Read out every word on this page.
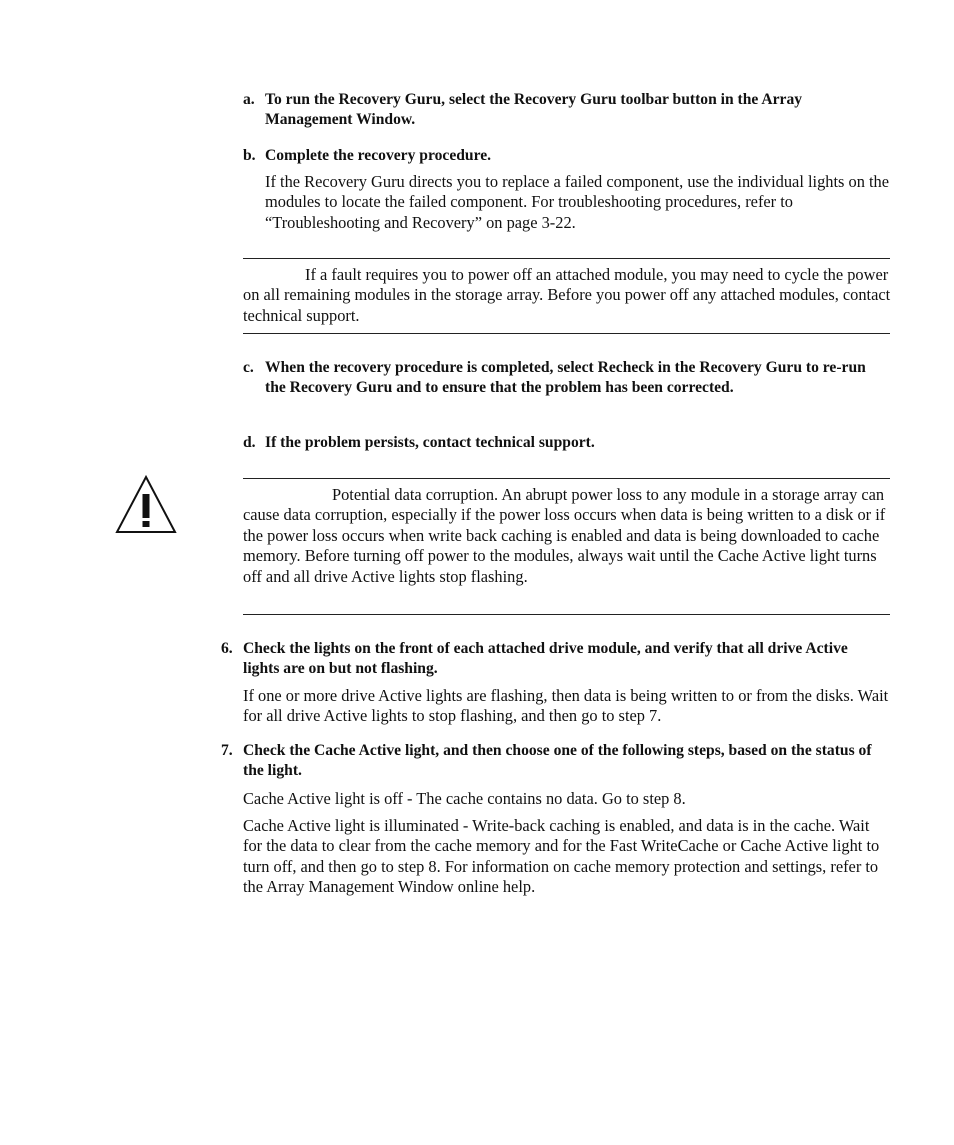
a. To run the Recovery Guru, select the Recovery Guru toolbar button in the Array Management Window.
b. Complete the recovery procedure.

If the Recovery Guru directs you to replace a failed component, use the individual lights on the modules to locate the failed component. For troubleshooting procedures, refer to “Troubleshooting and Recovery” on page 3-22.

If a fault requires you to power off an attached module, you may need to cycle the power on all remaining modules in the storage array. Before you power off any attached modules, contact technical support.

c. When the recovery procedure is completed, select Recheck in the Recovery Guru to re-run the Recovery Guru and to ensure that the problem has been corrected.
d. If the problem persists, contact technical support.

Potential data corruption. An abrupt power loss to any module in a storage array can cause data corruption, especially if the power loss occurs when data is being written to a disk or if the power loss occurs when write back caching is enabled and data is being downloaded to cache memory. Before turning off power to the modules, always wait until the Cache Active light turns off and all drive Active lights stop flashing.

6. Check the lights on the front of each attached drive module, and verify that all drive Active lights are on but not flashing.

If one or more drive Active lights are flashing, then data is being written to or from the disks. Wait for all drive Active lights to stop flashing, and then go to step 7.

7. Check the Cache Active light, and then choose one of the following steps, based on the status of the light.

Cache Active light is off - The cache contains no data. Go to step 8.

Cache Active light is illuminated - Write-back caching is enabled, and data is in the cache. Wait for the data to clear from the cache memory and for the Fast WriteCache or Cache Active light to turn off, and then go to step 8. For information on cache memory protection and settings, refer to the Array Management Window online help.
